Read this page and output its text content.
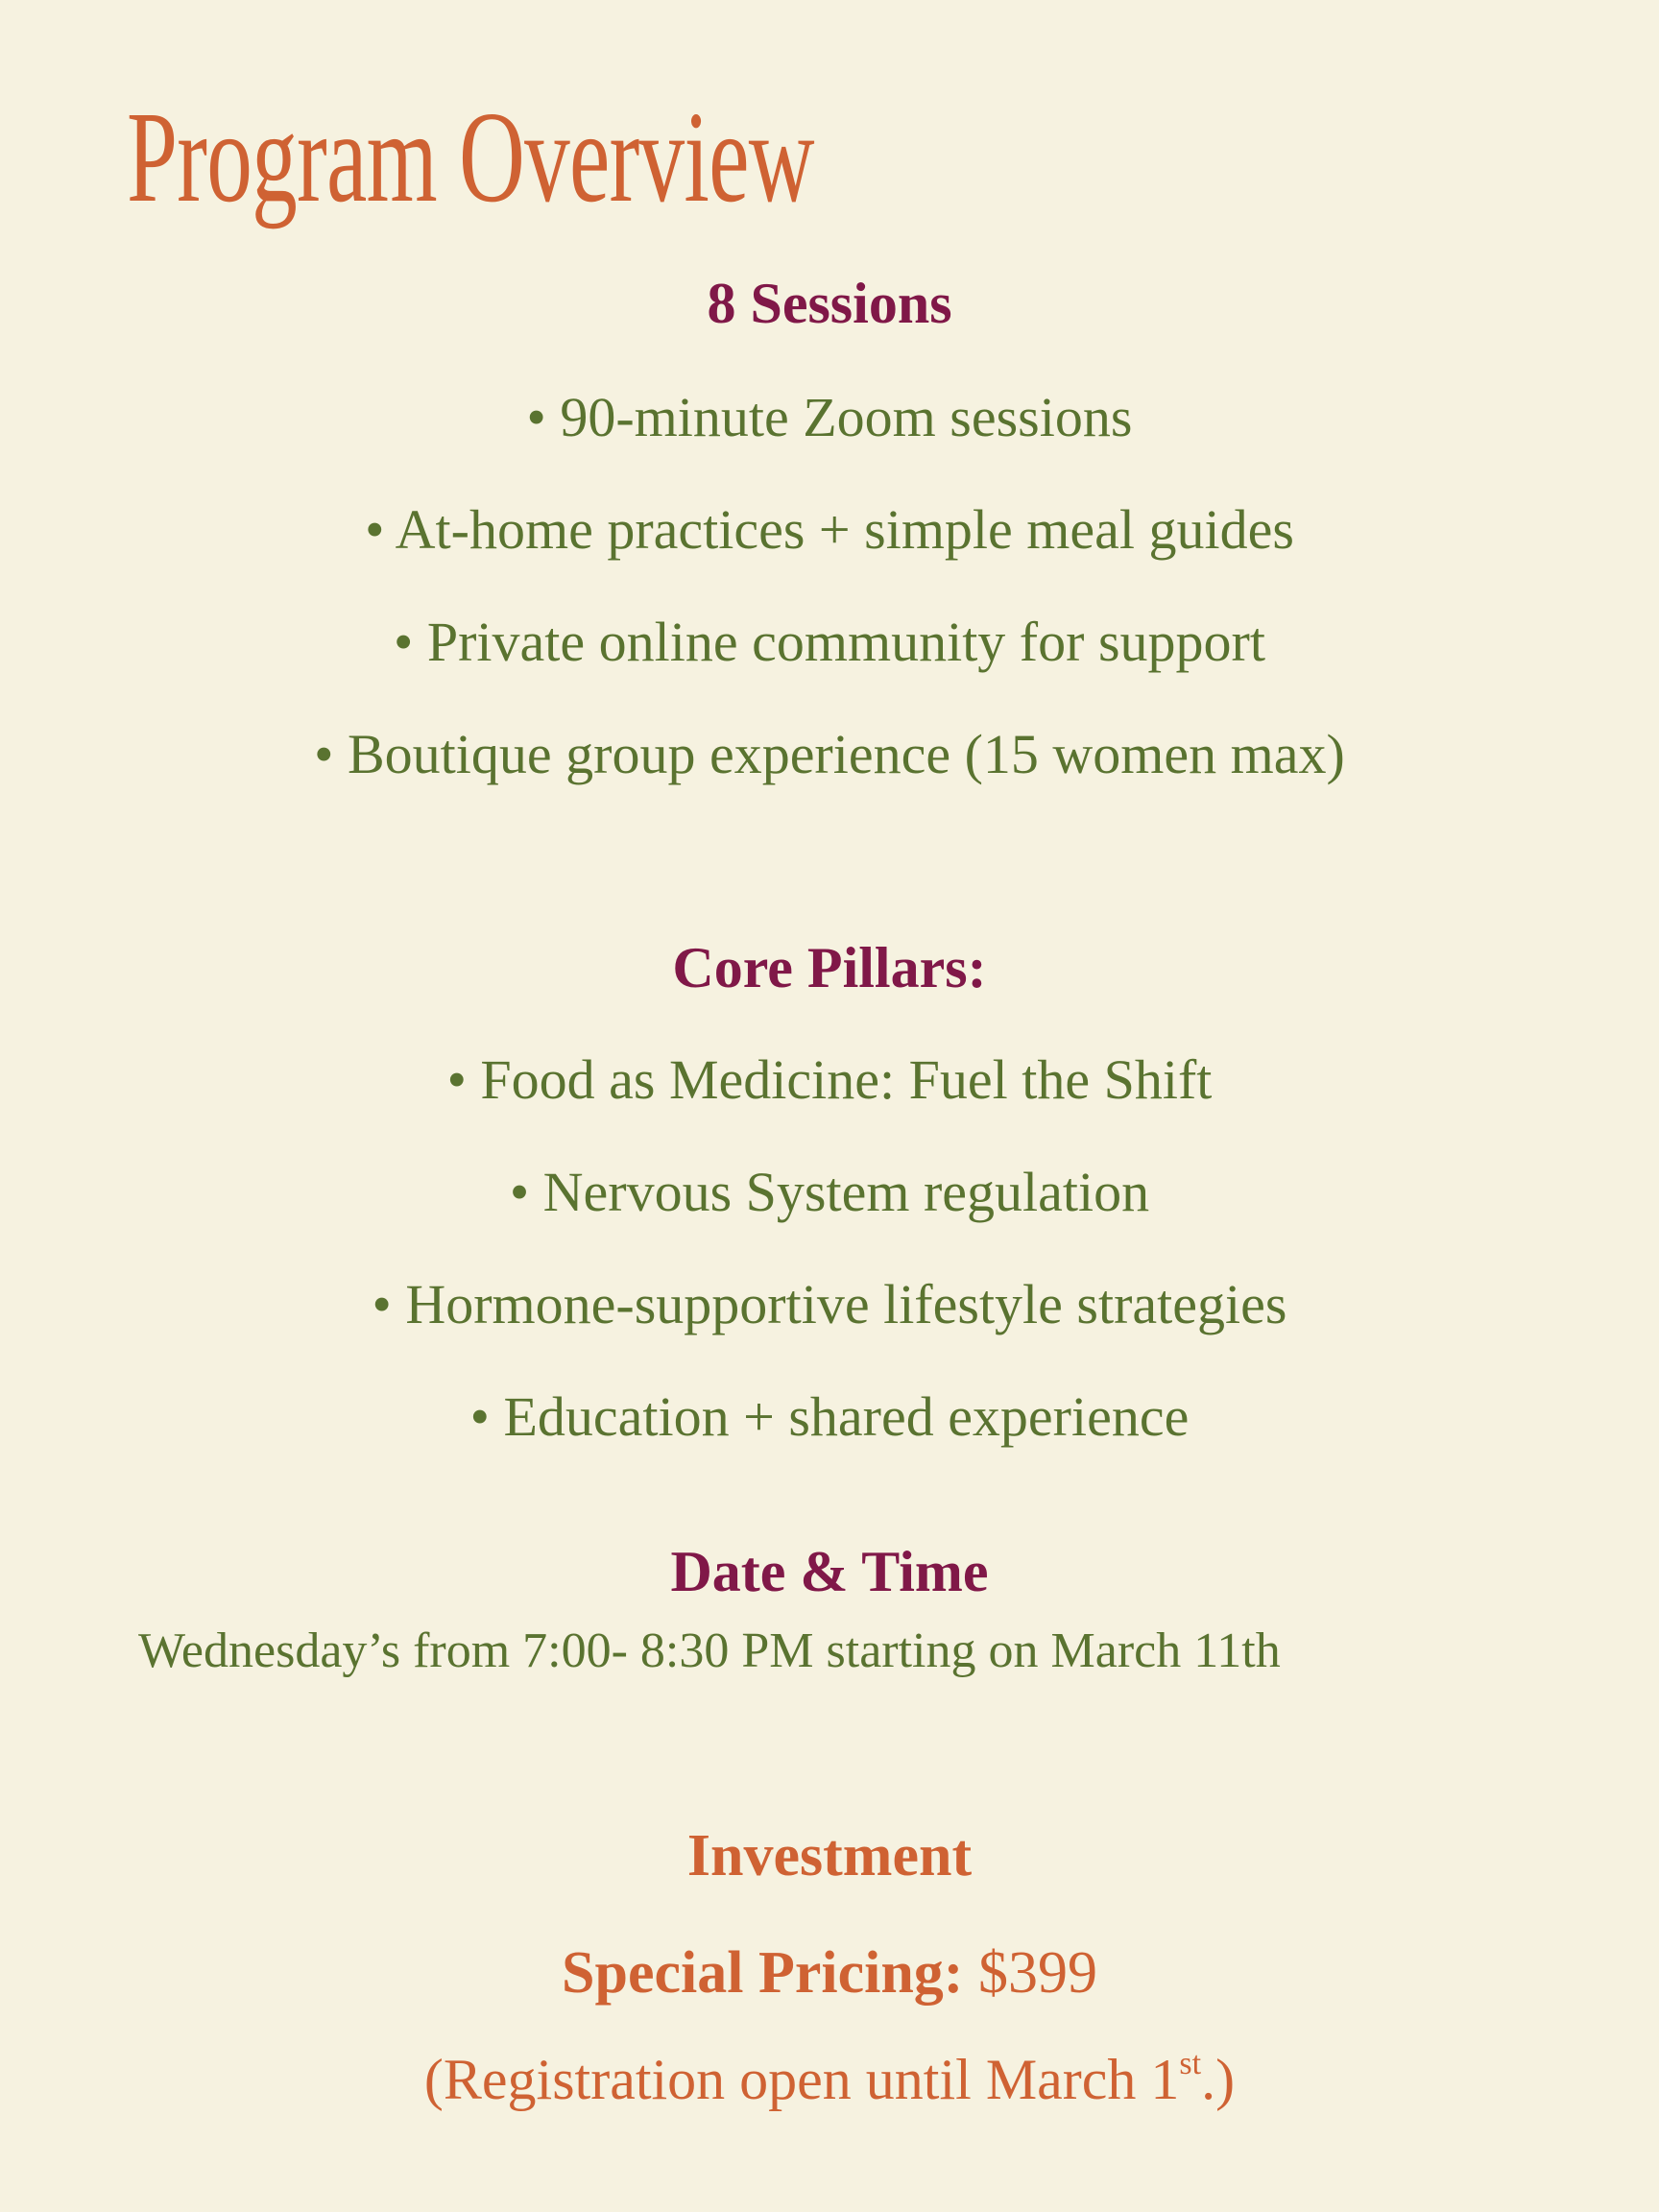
Program Overview
8 Sessions
• 90-minute Zoom sessions
• At-home practices + simple meal guides
• Private online community for support
• Boutique group experience (15 women max)
Core Pillars:
• Food as Medicine: Fuel the Shift
• Nervous System regulation
• Hormone-supportive lifestyle strategies
• Education + shared experience
Date & Time
Wednesday’s from 7:00- 8:30 PM starting on March 11th
Investment
Special Pricing: $399
(Registration open until March 1st.)
